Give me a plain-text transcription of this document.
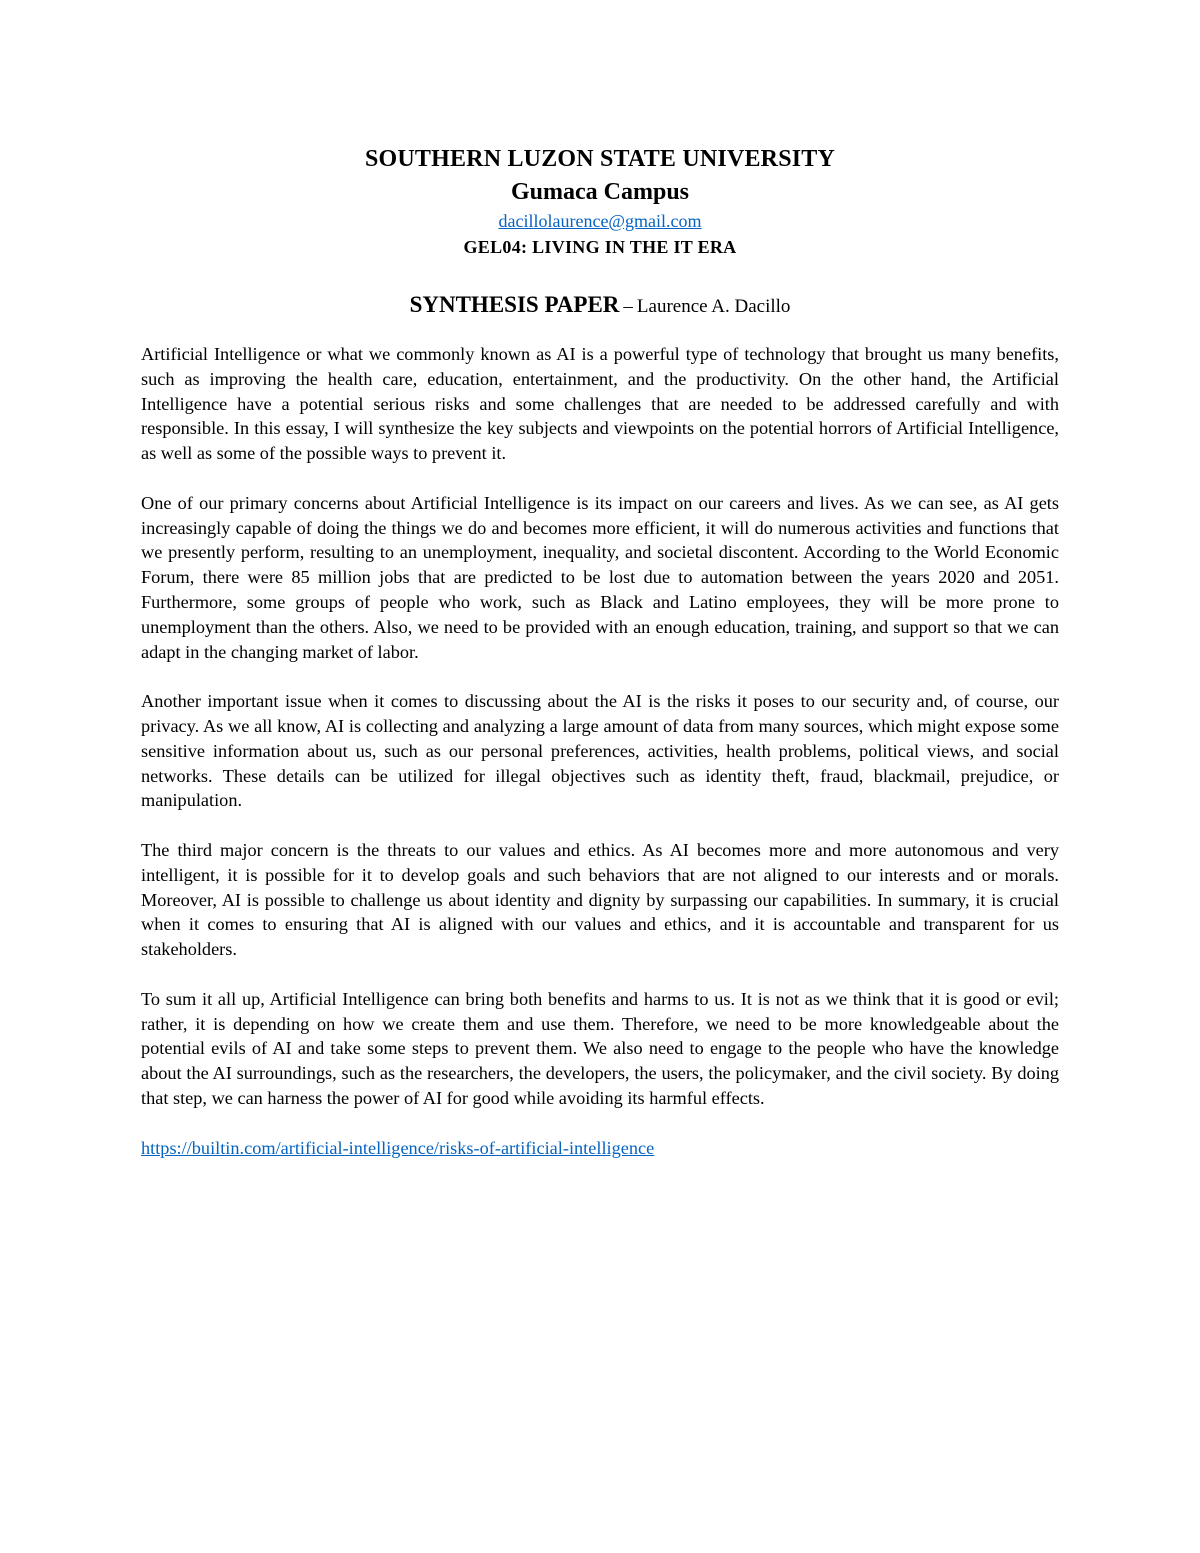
SOUTHERN LUZON STATE UNIVERSITY
Gumaca Campus
dacillolaurence@gmail.com
GEL04: LIVING IN THE IT ERA
SYNTHESIS PAPER – Laurence A. Dacillo

Artificial Intelligence or what we commonly known as AI is a powerful type of technology that brought us many benefits, such as improving the health care, education, entertainment, and the productivity. On the other hand, the Artificial Intelligence have a potential serious risks and some challenges that are needed to be addressed carefully and with responsible. In this essay, I will synthesize the key subjects and viewpoints on the potential horrors of Artificial Intelligence, as well as some of the possible ways to prevent it.

One of our primary concerns about Artificial Intelligence is its impact on our careers and lives. As we can see, as AI gets increasingly capable of doing the things we do and becomes more efficient, it will do numerous activities and functions that we presently perform, resulting to an unemployment, inequality, and societal discontent. According to the World Economic Forum, there were 85 million jobs that are predicted to be lost due to automation between the years 2020 and 2051. Furthermore, some groups of people who work, such as Black and Latino employees, they will be more prone to unemployment than the others. Also, we need to be provided with an enough education, training, and support so that we can adapt in the changing market of labor.

Another important issue when it comes to discussing about the AI is the risks it poses to our security and, of course, our privacy. As we all know, AI is collecting and analyzing a large amount of data from many sources, which might expose some sensitive information about us, such as our personal preferences, activities, health problems, political views, and social networks. These details can be utilized for illegal objectives such as identity theft, fraud, blackmail, prejudice, or manipulation.

The third major concern is the threats to our values and ethics. As AI becomes more and more autonomous and very intelligent, it is possible for it to develop goals and such behaviors that are not aligned to our interests and or morals. Moreover, AI is possible to challenge us about identity and dignity by surpassing our capabilities. In summary, it is crucial when it comes to ensuring that AI is aligned with our values and ethics, and it is accountable and transparent for us stakeholders.

To sum it all up, Artificial Intelligence can bring both benefits and harms to us. It is not as we think that it is good or evil; rather, it is depending on how we create them and use them. Therefore, we need to be more knowledgeable about the potential evils of AI and take some steps to prevent them. We also need to engage to the people who have the knowledge about the AI surroundings, such as the researchers, the developers, the users, the policymaker, and the civil society. By doing that step, we can harness the power of AI for good while avoiding its harmful effects.

https://builtin.com/artificial-intelligence/risks-of-artificial-intelligence
